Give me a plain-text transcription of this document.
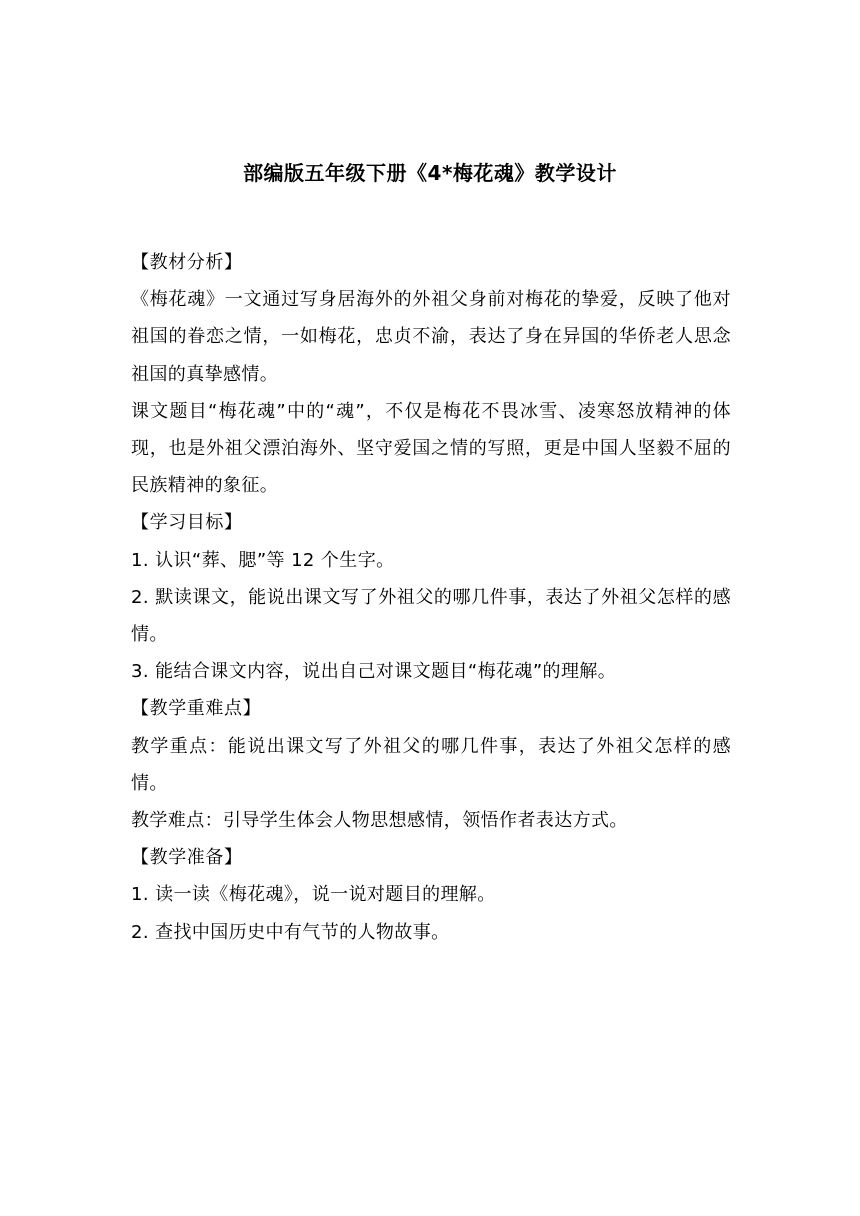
部编版五年级下册《4*梅花魂》教学设计

【教材分析】

《梅花魂》一文通过写身居海外的外祖父身前对梅花的挚爱，反映了他对祖国的眷恋之情，一如梅花，忠贞不渝，表达了身在异国的华侨老人思念祖国的真挚感情。

课文题目“梅花魂”中的“魂”，不仅是梅花不畏冰雪、凌寒怒放精神的体现，也是外祖父漂泊海外、坚守爱国之情的写照，更是中国人坚毅不屈的民族精神的象征。

【学习目标】

1. 认识“葬、腮”等 12 个生字。

2. 默读课文，能说出课文写了外祖父的哪几件事，表达了外祖父怎样的感情。

3. 能结合课文内容，说出自己对课文题目“梅花魂”的理解。

【教学重难点】

教学重点：能说出课文写了外祖父的哪几件事，表达了外祖父怎样的感情。

教学难点：引导学生体会人物思想感情，领悟作者表达方式。

【教学准备】

1. 读一读《梅花魂》，说一说对题目的理解。

2. 查找中国历史中有气节的人物故事。
